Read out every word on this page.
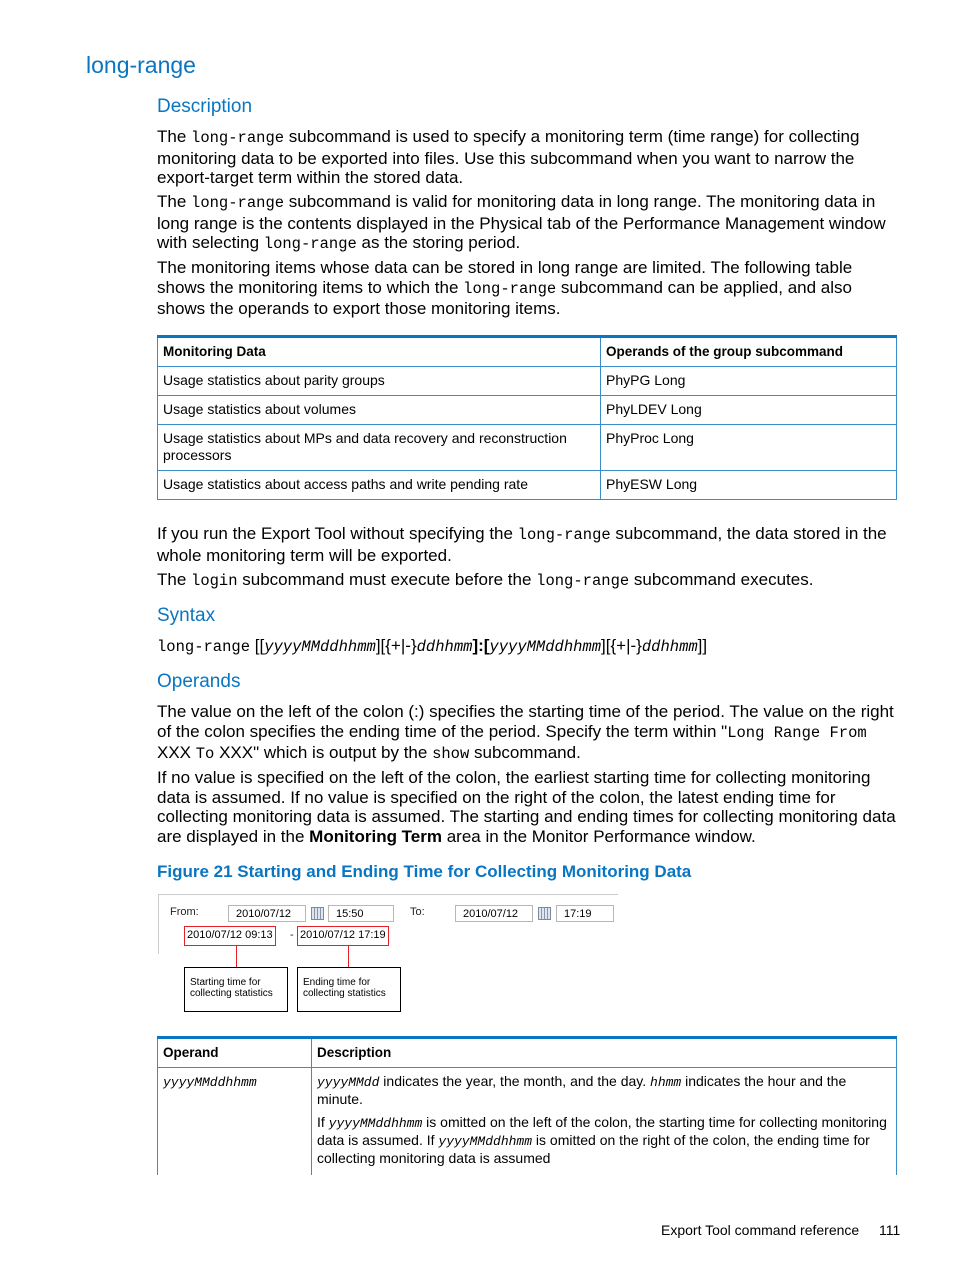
long-range
Description

The long-range subcommand is used to specify a monitoring term (time range) for collecting monitoring data to be exported into files. Use this subcommand when you want to narrow the export-target term within the stored data.

The long-range subcommand is valid for monitoring data in long range. The monitoring data in long range is the contents displayed in the Physical tab of the Performance Management window with selecting long-range as the storing period.

The monitoring items whose data can be stored in long range are limited. The following table shows the monitoring items to which the long-range subcommand can be applied, and also shows the operands to export those monitoring items.

Monitoring Data	Operands of the group subcommand
Usage statistics about parity groups	PhyPG Long
Usage statistics about volumes	PhyLDEV Long
Usage statistics about MPs and data recovery and reconstruction processors	PhyProc Long
Usage statistics about access paths and write pending rate	PhyESW Long

If you run the Export Tool without specifying the long-range subcommand, the data stored in the whole monitoring term will be exported.

The login subcommand must execute before the long-range subcommand executes.

Syntax

long-range [[yyyyMMddhhmm][{+|-}ddhhmm]:[yyyyMMddhhmm][{+|-}ddhhmm]]

Operands

The value on the left of the colon (:) specifies the starting time of the period. The value on the right of the colon specifies the ending time of the period. Specify the term within "Long Range From XXX To XXX" which is output by the show subcommand.

If no value is specified on the left of the colon, the earliest starting time for collecting monitoring data is assumed. If no value is specified on the right of the colon, the latest ending time for collecting monitoring data is assumed. The starting and ending times for collecting monitoring data are displayed in the Monitoring Term area in the Monitor Performance window.

Figure 21 Starting and Ending Time for Collecting Monitoring Data
From:	2010/07/12	15:50	To:	2010/07/12	17:19
2010/07/12 09:13 - 2010/07/12 17:19
Starting time for collecting statistics
Ending time for collecting statistics
Operand	Description
yyyyMMddhhmm	yyyyMMdd indicates the year, the month, and the day. hhmm indicates the hour and the minute.
If yyyyMMddhhmm is omitted on the left of the colon, the starting time for collecting monitoring data is assumed. If yyyyMMddhhmm is omitted on the right of the colon, the ending time for collecting monitoring data is assumed
Export Tool command reference 111
